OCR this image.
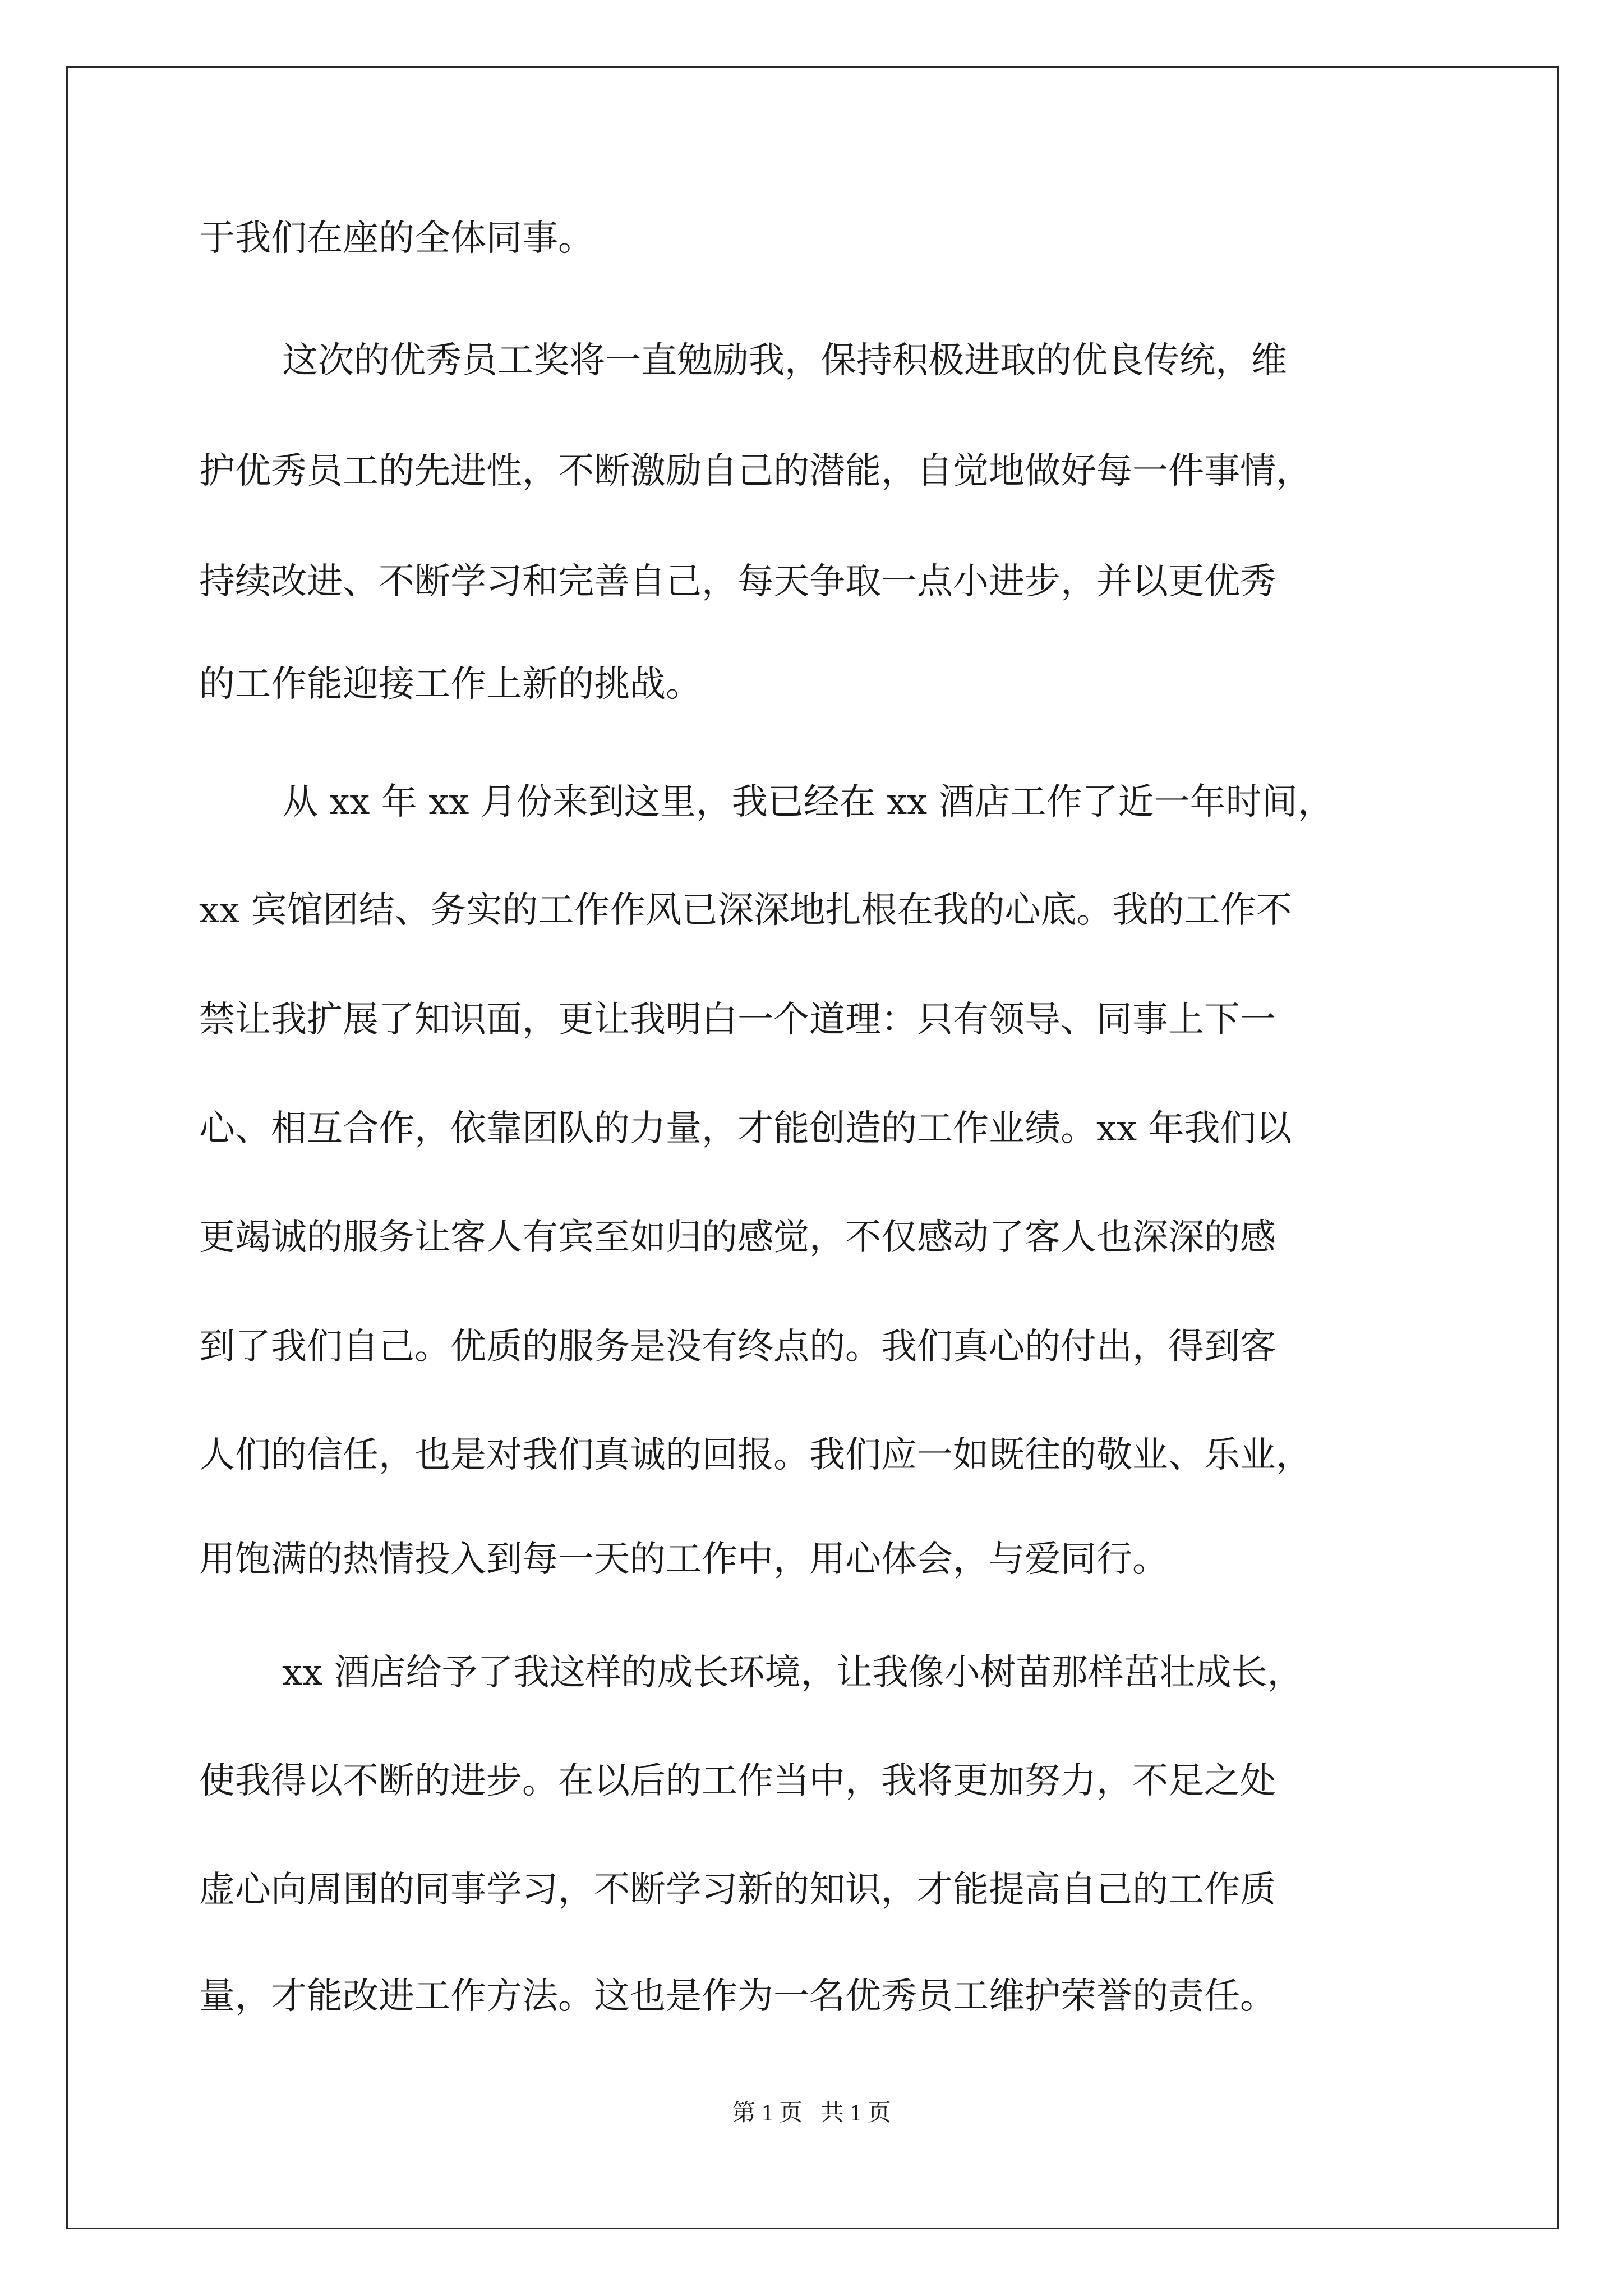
于我们在座的全体同事。
这次的优秀员工奖将一直勉励我，保持积极进取的优良传统，维
护优秀员工的先进性，不断激励自己的潜能，自觉地做好每一件事情，
持续改进、不断学习和完善自己，每天争取一点小进步，并以更优秀
的工作能迎接工作上新的挑战。
从 xx 年 xx 月份来到这里，我已经在 xx 酒店工作了近一年时间，
xx 宾馆团结、务实的工作作风已深深地扎根在我的心底。我的工作不
禁让我扩展了知识面，更让我明白一个道理：只有领导、同事上下一
心、相互合作，依靠团队的力量，才能创造的工作业绩。xx 年我们以
更竭诚的服务让客人有宾至如归的感觉，不仅感动了客人也深深的感
到了我们自己。优质的服务是没有终点的。我们真心的付出，得到客
人们的信任，也是对我们真诚的回报。我们应一如既往的敬业、乐业，
用饱满的热情投入到每一天的工作中，用心体会，与爱同行。
xx 酒店给予了我这样的成长环境，让我像小树苗那样茁壮成长，
使我得以不断的进步。在以后的工作当中，我将更加努力，不足之处
虚心向周围的同事学习，不断学习新的知识，才能提高自己的工作质
量，才能改进工作方法。这也是作为一名优秀员工维护荣誉的责任。
第 1 页   共 1 页
